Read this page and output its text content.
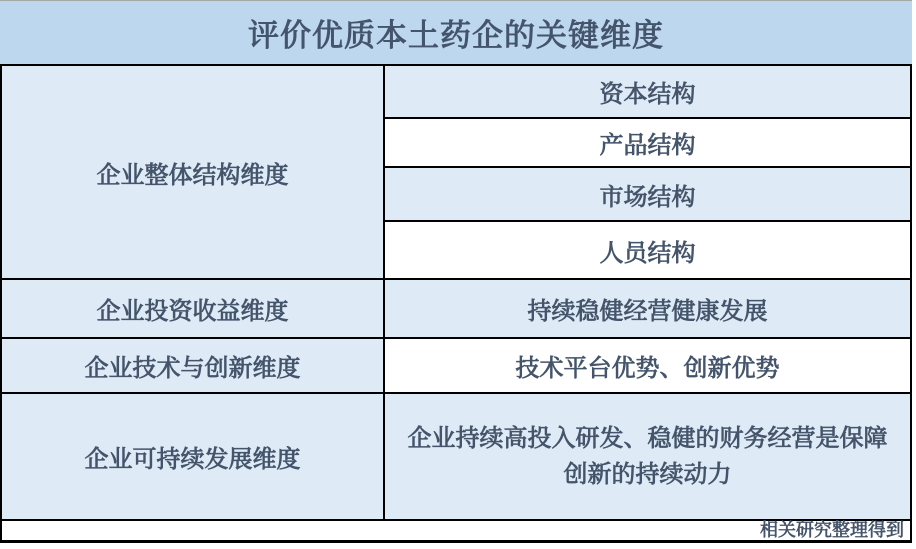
评价优质本土药企的关键维度
企业整体结构维度
企业投资收益维度
企业技术与创新维度
企业可持续发展维度
资本结构
产品结构
市场结构
人员结构
持续稳健经营健康发展
技术平台优势、创新优势
企业持续高投入研发、稳健的财务经营是保障创新的持续动力
相关研究整理得到
